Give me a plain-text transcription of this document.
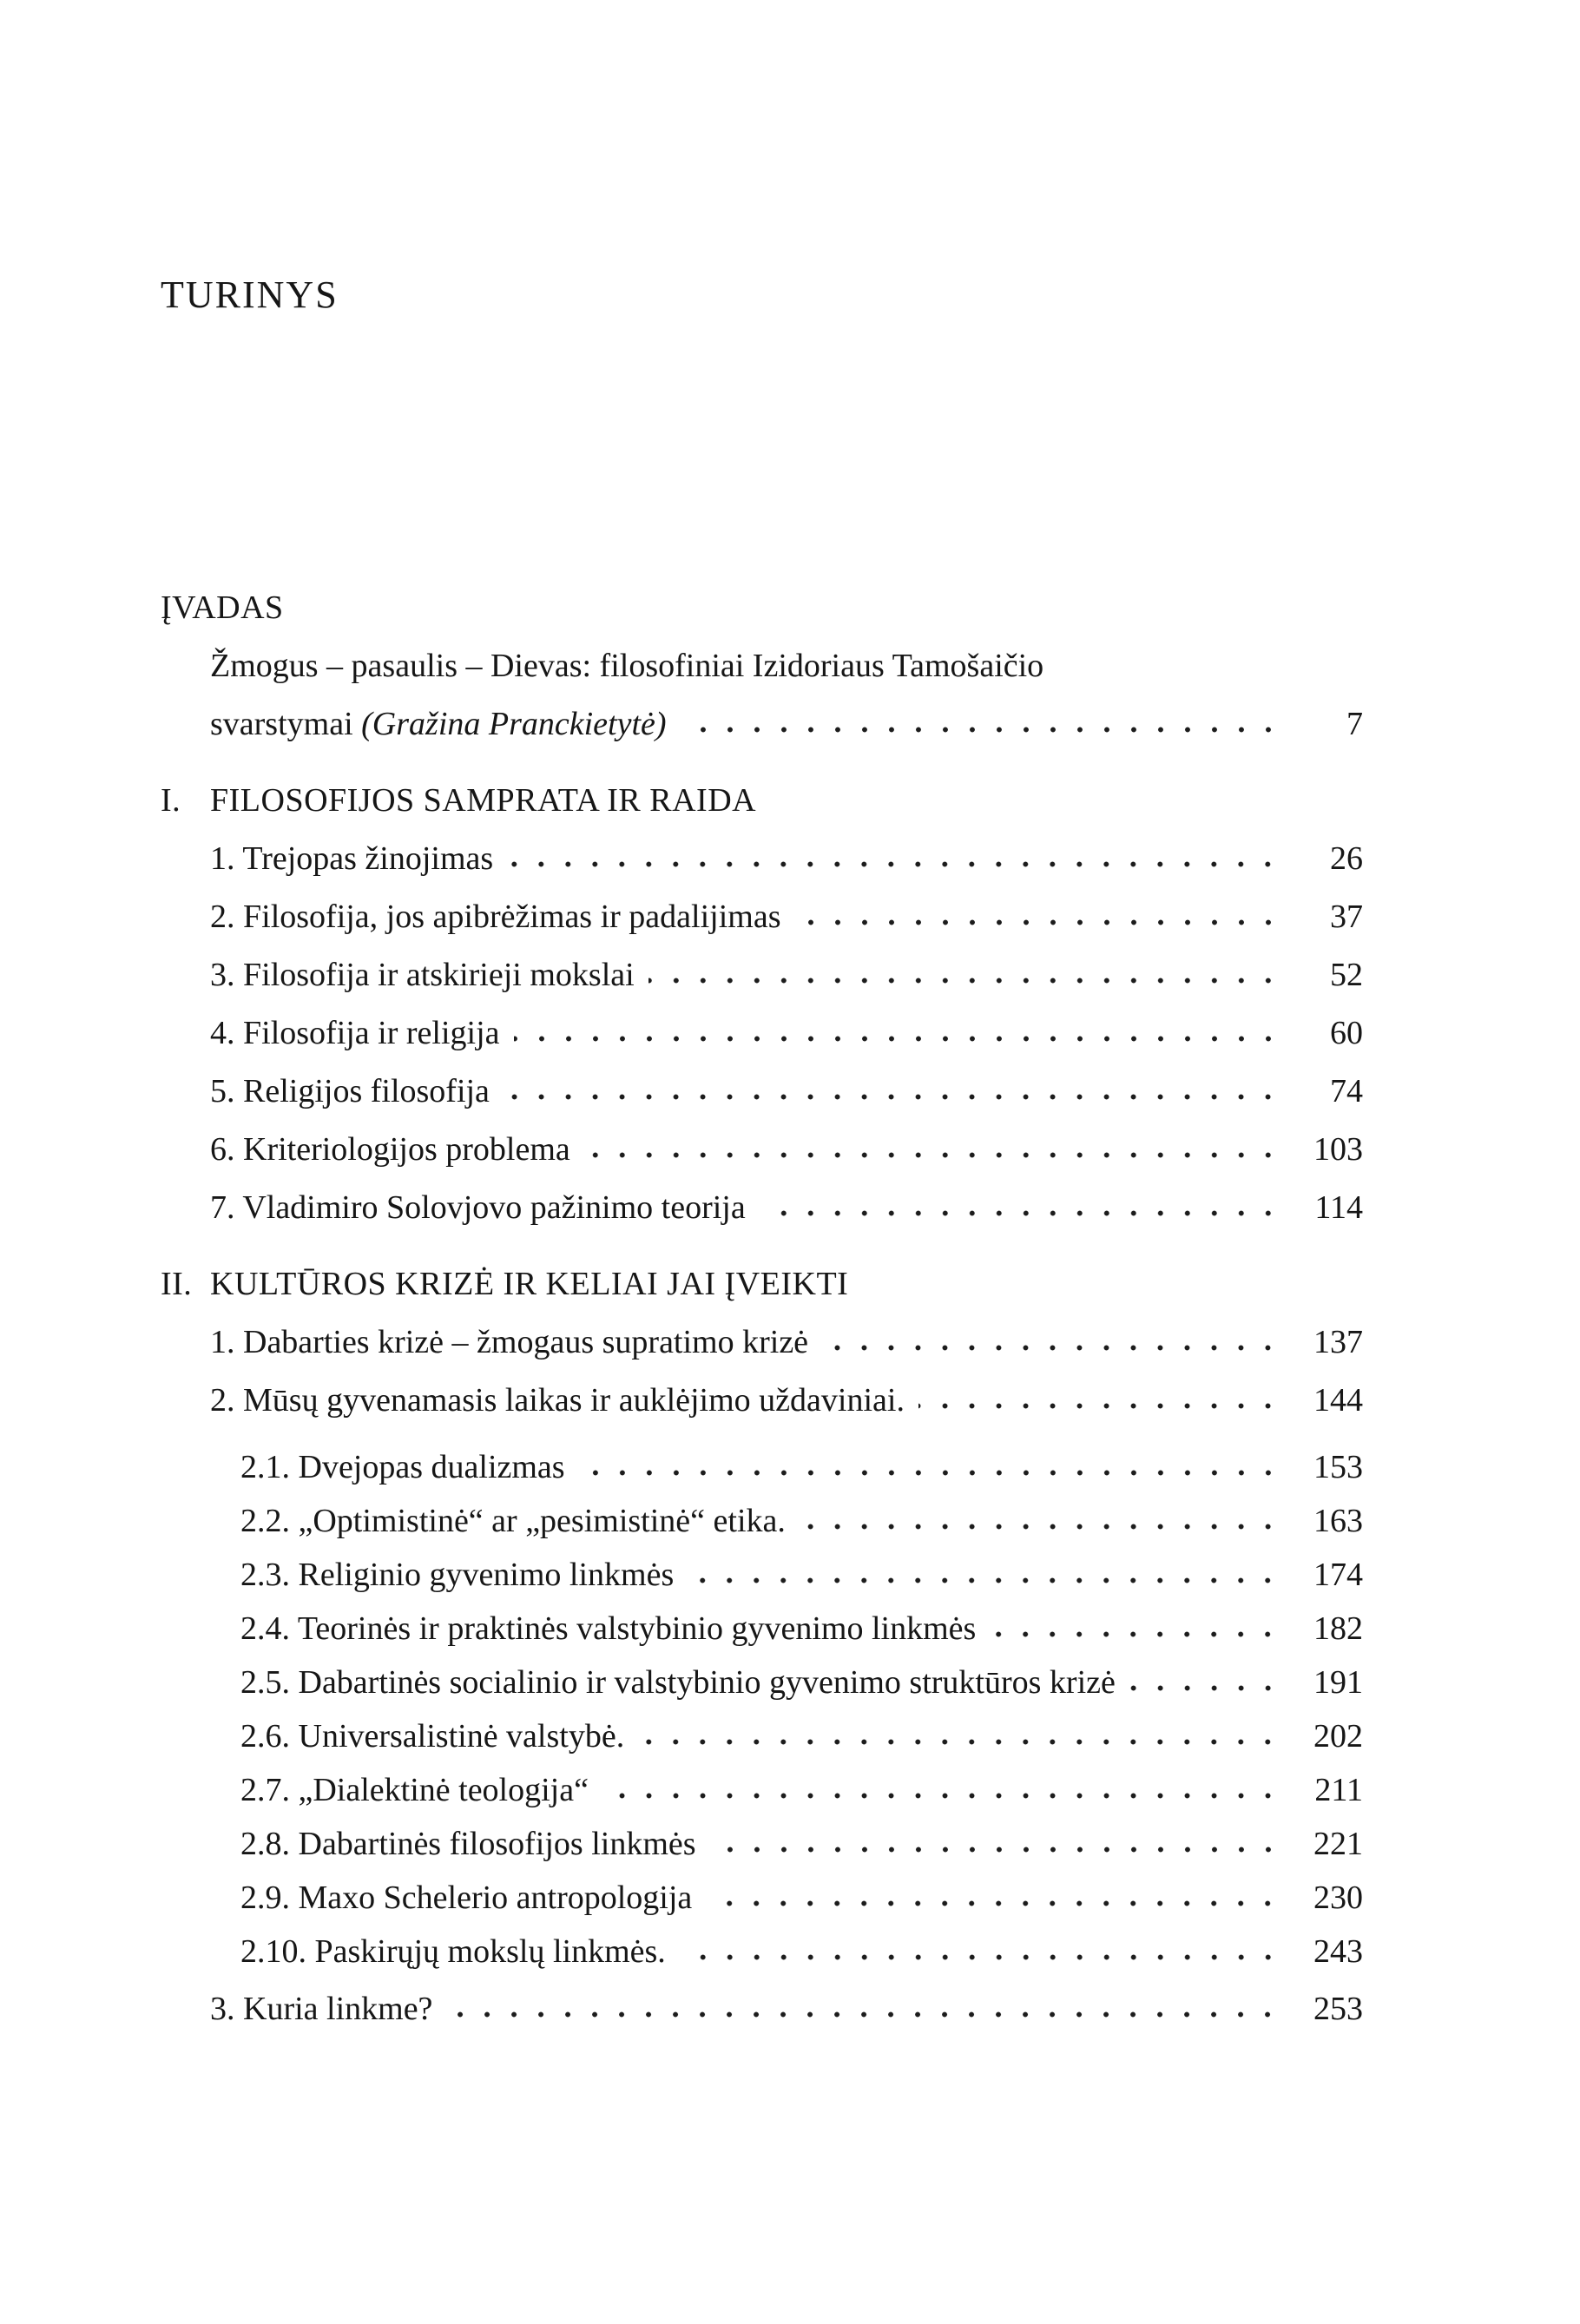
TURINYS
ĮVADAS
Žmogus – pasaulis – Dievas: filosofiniai Izidoriaus Tamošaičio
svarstymai (Gražina Pranckietytė)	7
I. FILOSOFIJOS SAMPRATA IR RAIDA
1. Trejopas žinojimas	26
2. Filosofija, jos apibrėžimas ir padalijimas	37
3. Filosofija ir atskirieji mokslai	52
4. Filosofija ir religija	60
5. Religijos filosofija	74
6. Kriteriologijos problema	103
7. Vladimiro Solovjovo pažinimo teorija	114
II. KULTŪROS KRIZĖ IR KELIAI JAI ĮVEIKTI
1. Dabarties krizė – žmogaus supratimo krizė	137
2. Mūsų gyvenamasis laikas ir auklėjimo uždaviniai.	144
2.1. Dvejopas dualizmas	153
2.2. „Optimistinė“ ar „pesimistinė“ etika.	163
2.3. Religinio gyvenimo linkmės	174
2.4. Teorinės ir praktinės valstybinio gyvenimo linkmės	182
2.5. Dabartinės socialinio ir valstybinio gyvenimo struktūros krizė	191
2.6. Universalistinė valstybė.	202
2.7. „Dialektinė teologija“	211
2.8. Dabartinės filosofijos linkmės	221
2.9. Maxo Schelerio antropologija	230
2.10. Paskirųjų mokslų linkmės.	243
3. Kuria linkme?	253
